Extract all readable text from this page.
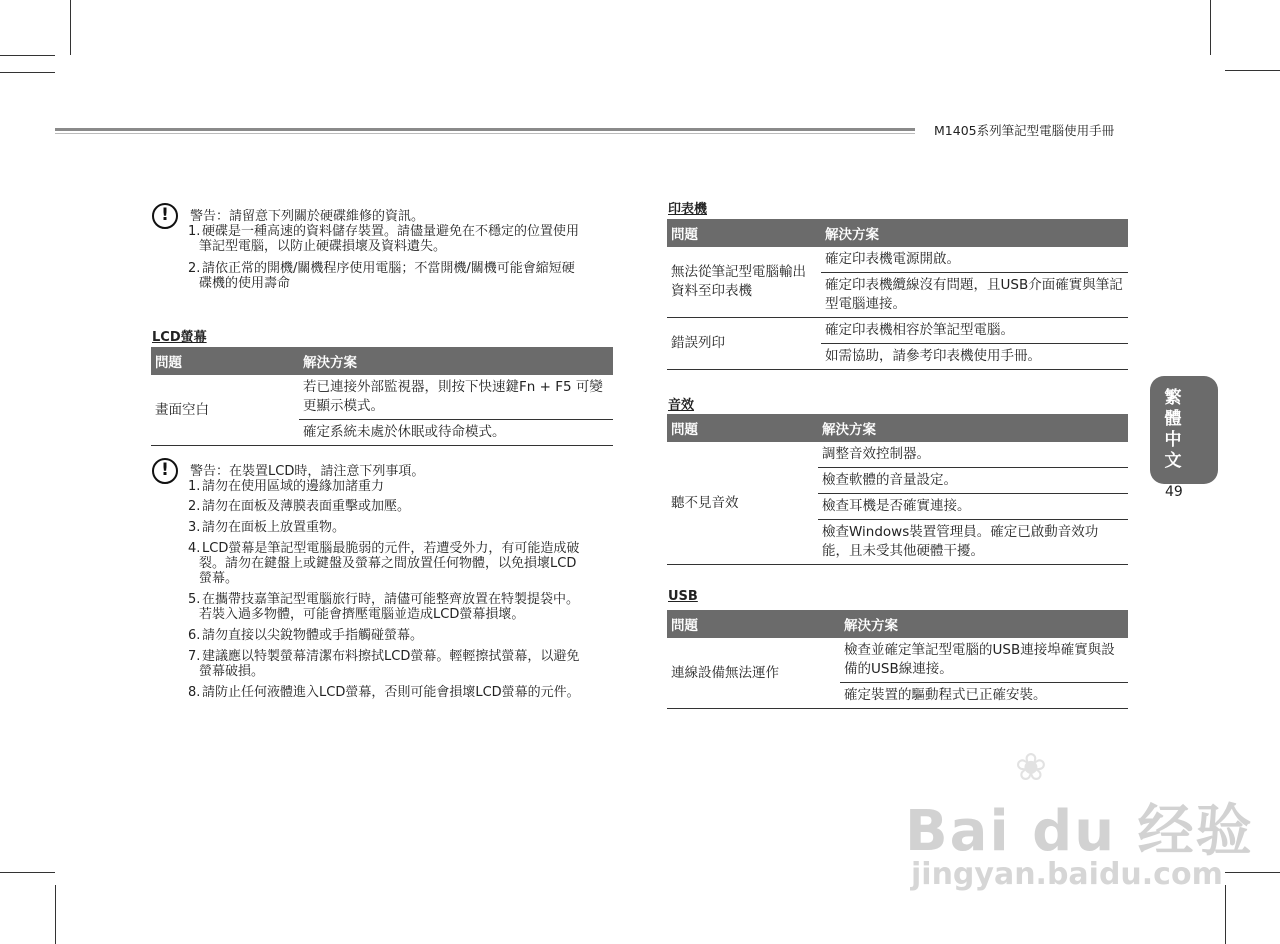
M1405系列筆記型電腦使用手冊
!	警告：請留意下列關於硬碟維修的資訊。
1. 硬碟是一種高速的資料儲存裝置。請儘量避免在不穩定的位置使用
筆記型電腦，以防止硬碟損壞及資料遺失。
2. 請依正常的開機/關機程序使用電腦；不當開機/關機可能會縮短硬
碟機的使用壽命
LCD螢幕
問題	解決方案
畫面空白	若已連接外部監視器，則按下快速鍵Fn + F5 可變更顯示模式。
	確定系統未處於休眠或待命模式。
!	警告：在裝置LCD時，請注意下列事項。
1. 請勿在使用區域的邊緣加諸重力
2. 請勿在面板及薄膜表面重擊或加壓。
3. 請勿在面板上放置重物。
4. LCD螢幕是筆記型電腦最脆弱的元件，若遭受外力，有可能造成破
裂。請勿在鍵盤上或鍵盤及螢幕之間放置任何物體，以免損壞LCD
螢幕。
5. 在攜帶技嘉筆記型電腦旅行時，請儘可能整齊放置在特製提袋中。
若裝入過多物體，可能會擠壓電腦並造成LCD螢幕損壞。
6. 請勿直接以尖銳物體或手指觸碰螢幕。
7. 建議應以特製螢幕清潔布料擦拭LCD螢幕。輕輕擦拭螢幕，以避免
螢幕破損。
8. 請防止任何液體進入LCD螢幕，否則可能會損壞LCD螢幕的元件。
印表機
問題	解決方案
無法從筆記型電腦輸出資料至印表機	確定印表機電源開啟。
	確定印表機纜線沒有問題，且USB介面確實與筆記型電腦連接。
錯誤列印	確定印表機相容於筆記型電腦。
	如需協助，請參考印表機使用手冊。
音效
問題	解決方案
聽不見音效	調整音效控制器。
	檢查軟體的音量設定。
	檢查耳機是否確實連接。
	檢查Windows裝置管理員。確定已啟動音效功能，且未受其他硬體干擾。
USB
問題	解決方案
連線設備無法運作	檢查並確定筆記型電腦的USB連接埠確實與設備的USB線連接。
	確定裝置的驅動程式已正確安裝。
繁體中文
49
❀
Bai du 经验
jingyan.baidu.com
